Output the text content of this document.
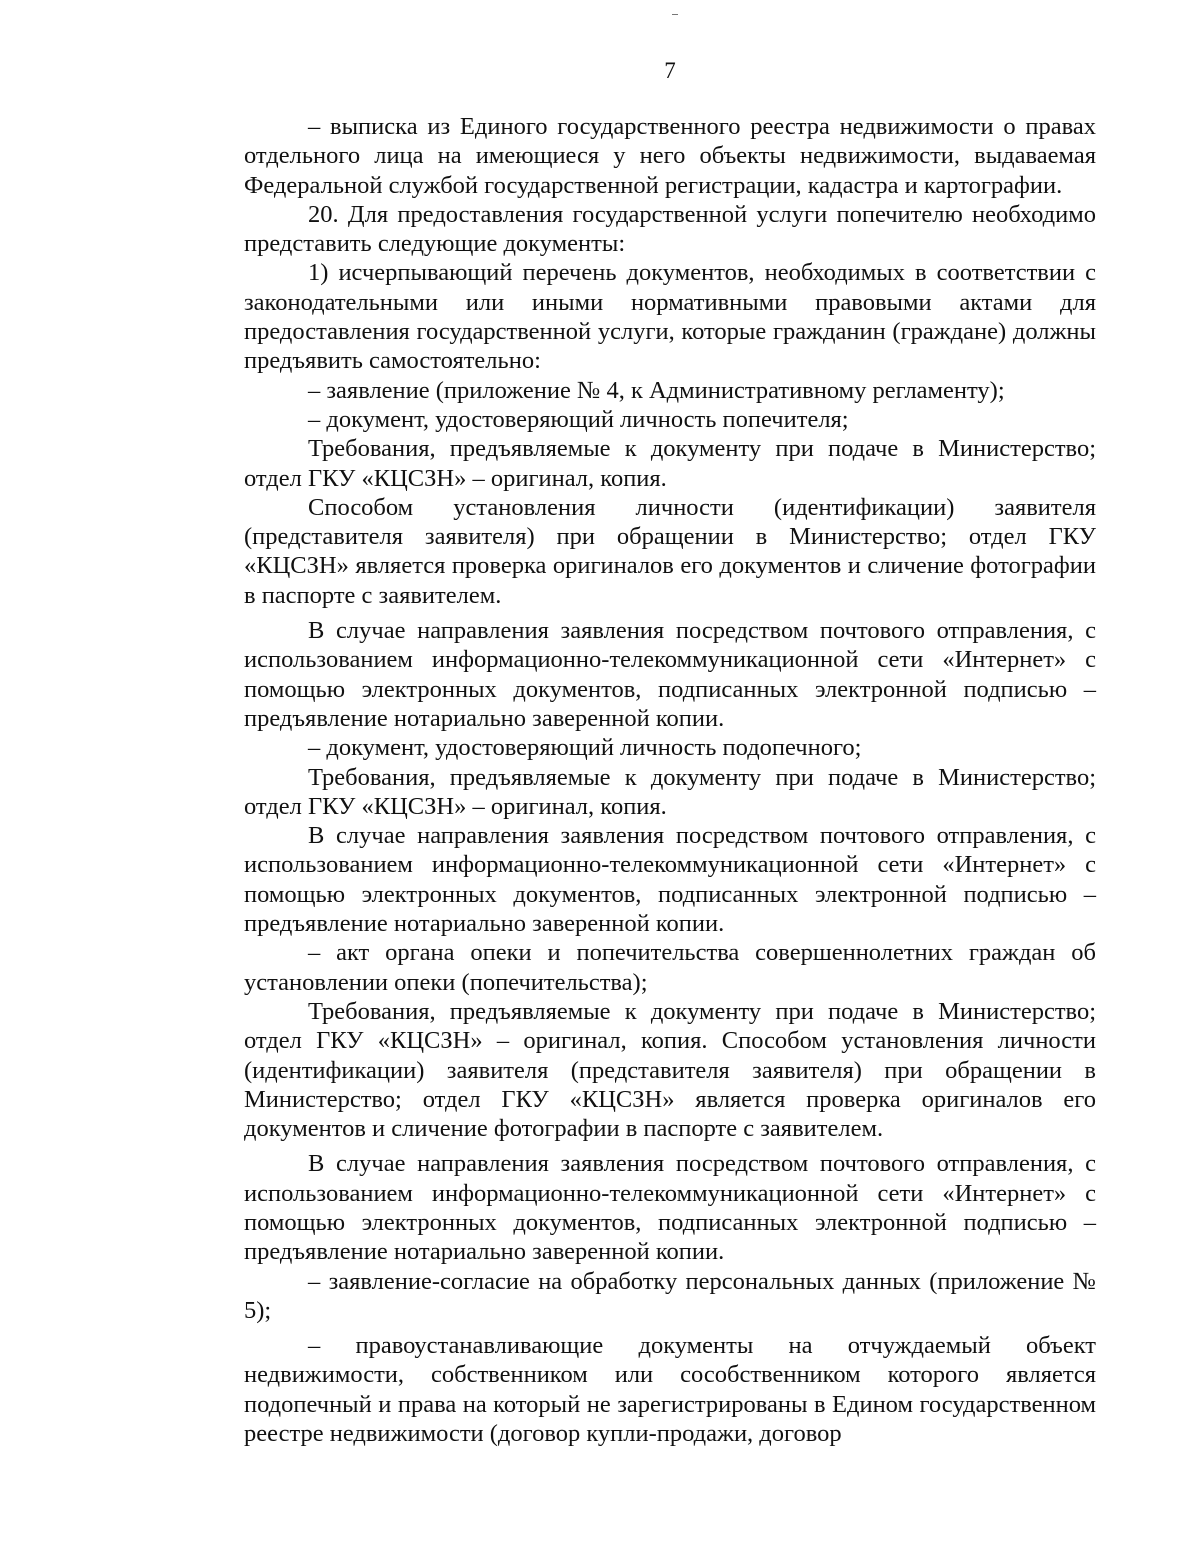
7

– выписка из Единого государственного реестра недвижимости о правах отдельного лица на имеющиеся у него объекты недвижимости, выдаваемая Федеральной службой государственной регистрации, кадастра и картографии.

20. Для предоставления государственной услуги попечителю необходимо представить следующие документы:

1) исчерпывающий перечень документов, необходимых в соответствии с законодательными или иными нормативными правовыми актами для предоставления государственной услуги, которые гражданин (граждане) должны предъявить самостоятельно:

– заявление (приложение № 4, к Административному регламенту);

– документ, удостоверяющий личность попечителя;

Требования, предъявляемые к документу при подаче в Министерство; отдел ГКУ «КЦСЗН» – оригинал, копия.

Способом установления личности (идентификации) заявителя (представителя заявителя) при обращении в Министерство; отдел ГКУ «КЦСЗН» является проверка оригиналов его документов и сличение фотографии в паспорте с заявителем.

В случае направления заявления посредством почтового отправления, с использованием информационно-телекоммуникационной сети «Интернет» с помощью электронных документов, подписанных электронной подписью – предъявление нотариально заверенной копии.

– документ, удостоверяющий личность подопечного;

Требования, предъявляемые к документу при подаче в Министерство; отдел ГКУ «КЦСЗН» – оригинал, копия.

В случае направления заявления посредством почтового отправления, с использованием информационно-телекоммуникационной сети «Интернет» с помощью электронных документов, подписанных электронной подписью – предъявление нотариально заверенной копии.

– акт органа опеки и попечительства совершеннолетних граждан об установлении опеки (попечительства);

Требования, предъявляемые к документу при подаче в Министерство; отдел ГКУ «КЦСЗН» – оригинал, копия. Способом установления личности (идентификации) заявителя (представителя заявителя) при обращении в Министерство; отдел ГКУ «КЦСЗН» является проверка оригиналов его документов и сличение фотографии в паспорте с заявителем.

В случае направления заявления посредством почтового отправления, с использованием информационно-телекоммуникационной сети «Интернет» с помощью электронных документов, подписанных электронной подписью – предъявление нотариально заверенной копии.

– заявление-согласие на обработку персональных данных (приложение № 5);

– правоустанавливающие документы на отчуждаемый объект недвижимости, собственником или сособственником которого является подопечный и права на который не зарегистрированы в Едином государственном реестре недвижимости (договор купли-продажи, договор
